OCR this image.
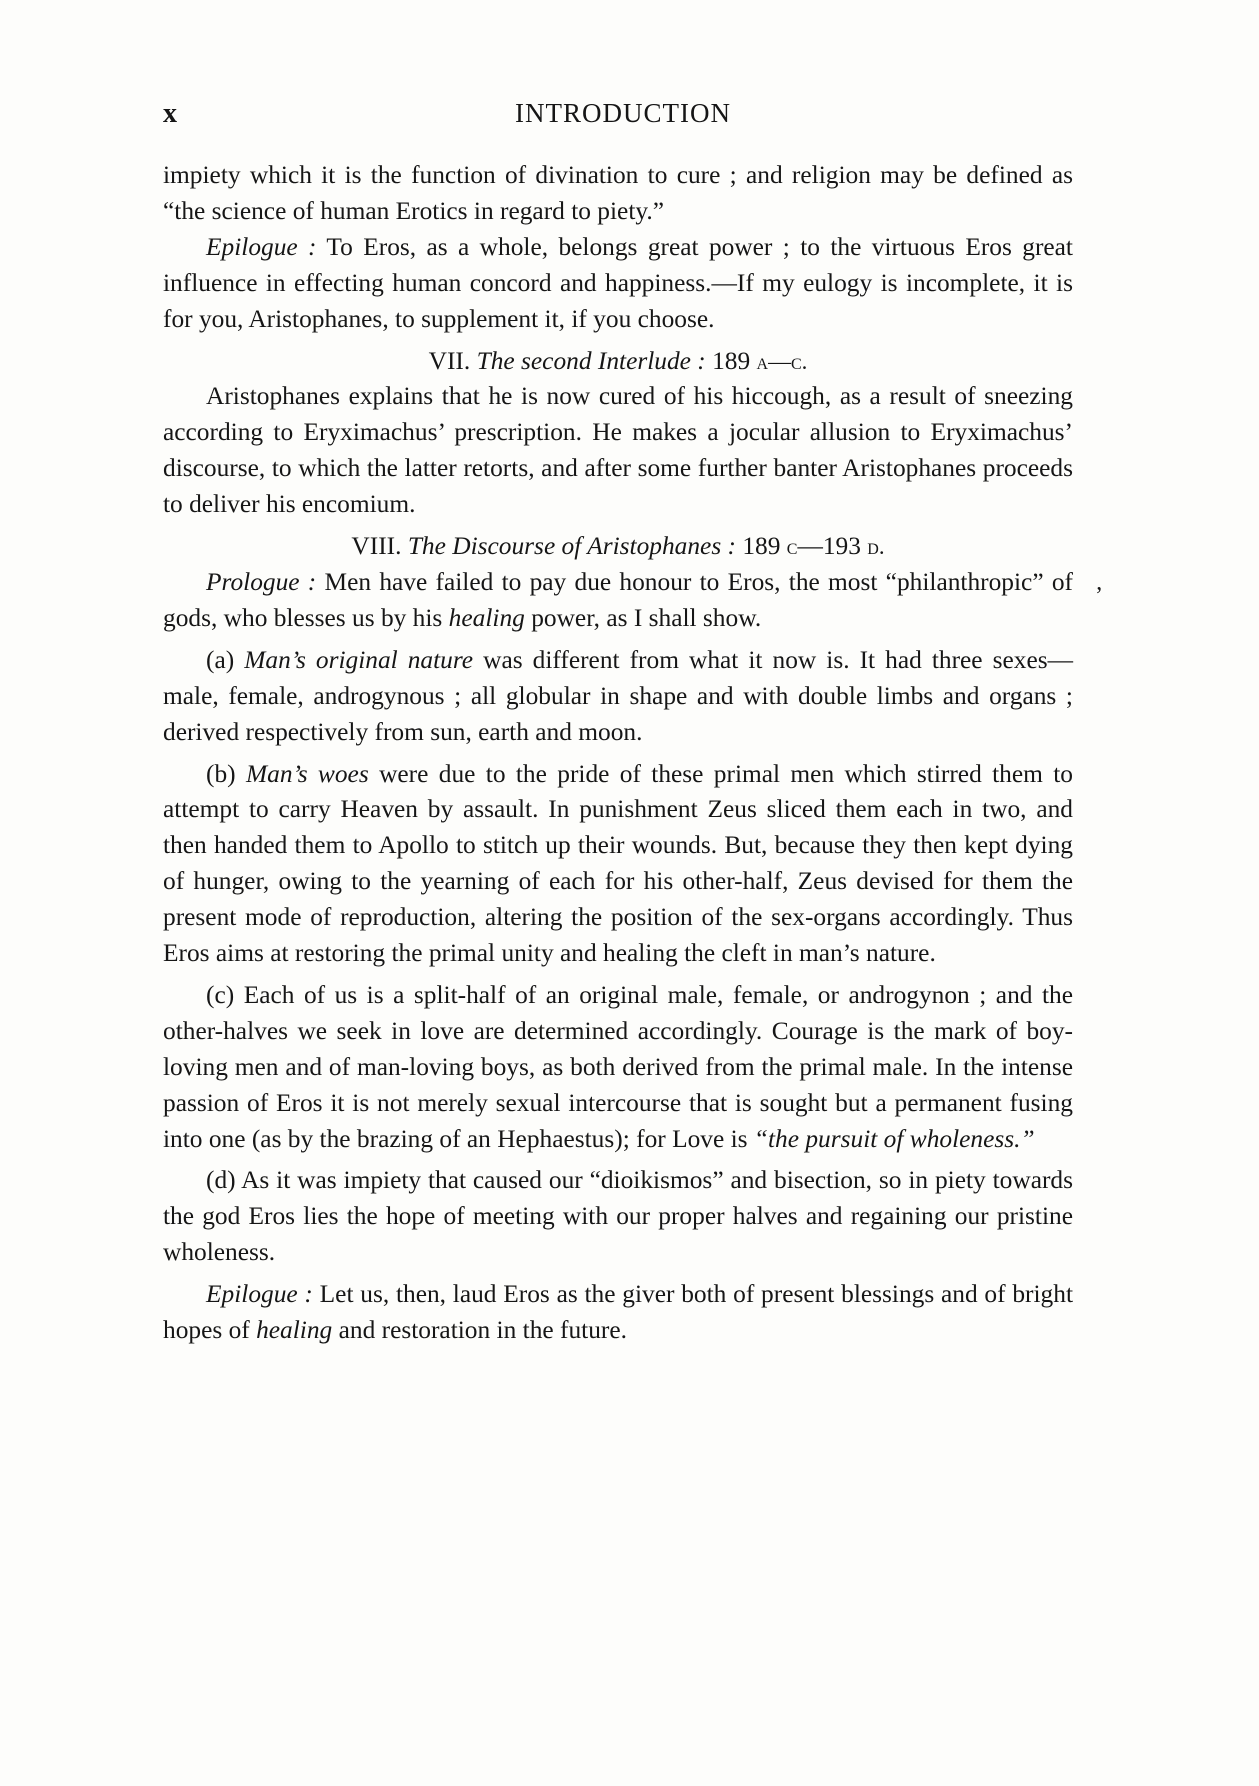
x	INTRODUCTION

impiety which it is the function of divination to cure ; and religion may be defined as “the science of human Erotics in regard to piety.”

Epilogue : To Eros, as a whole, belongs great power ; to the virtuous Eros great influence in effecting human concord and happiness.—If my eulogy is incomplete, it is for you, Aristophanes, to supplement it, if you choose.

VII. The second Interlude : 189 a—c.

Aristophanes explains that he is now cured of his hiccough, as a result of sneezing according to Eryximachus’ prescription. He makes a jocular allusion to Eryximachus’ discourse, to which the latter retorts, and after some further banter Aristophanes proceeds to deliver his encomium.

VIII. The Discourse of Aristophanes : 189 c—193 d.

Prologue : Men have failed to pay due honour to Eros, the most “philanthropic” of gods, who blesses us by his healing power, as I shall show.

(a) Man’s original nature was different from what it now is. It had three sexes—male, female, androgynous ; all globular in shape and with double limbs and organs ; derived respectively from sun, earth and moon.

(b) Man’s woes were due to the pride of these primal men which stirred them to attempt to carry Heaven by assault. In punishment Zeus sliced them each in two, and then handed them to Apollo to stitch up their wounds. But, because they then kept dying of hunger, owing to the yearning of each for his other-half, Zeus devised for them the present mode of reproduction, altering the position of the sex-organs accordingly. Thus Eros aims at restoring the primal unity and healing the cleft in man’s nature.

(c) Each of us is a split-half of an original male, female, or androgynon ; and the other-halves we seek in love are determined accordingly. Courage is the mark of boy-loving men and of man-loving boys, as both derived from the primal male. In the intense passion of Eros it is not merely sexual intercourse that is sought but a permanent fusing into one (as by the brazing of an Hephaestus); for Love is “the pursuit of wholeness.”

(d) As it was impiety that caused our “dioikismos” and bisection, so in piety towards the god Eros lies the hope of meeting with our proper halves and regaining our pristine wholeness.

Epilogue : Let us, then, laud Eros as the giver both of present blessings and of bright hopes of healing and restoration in the future.

’
